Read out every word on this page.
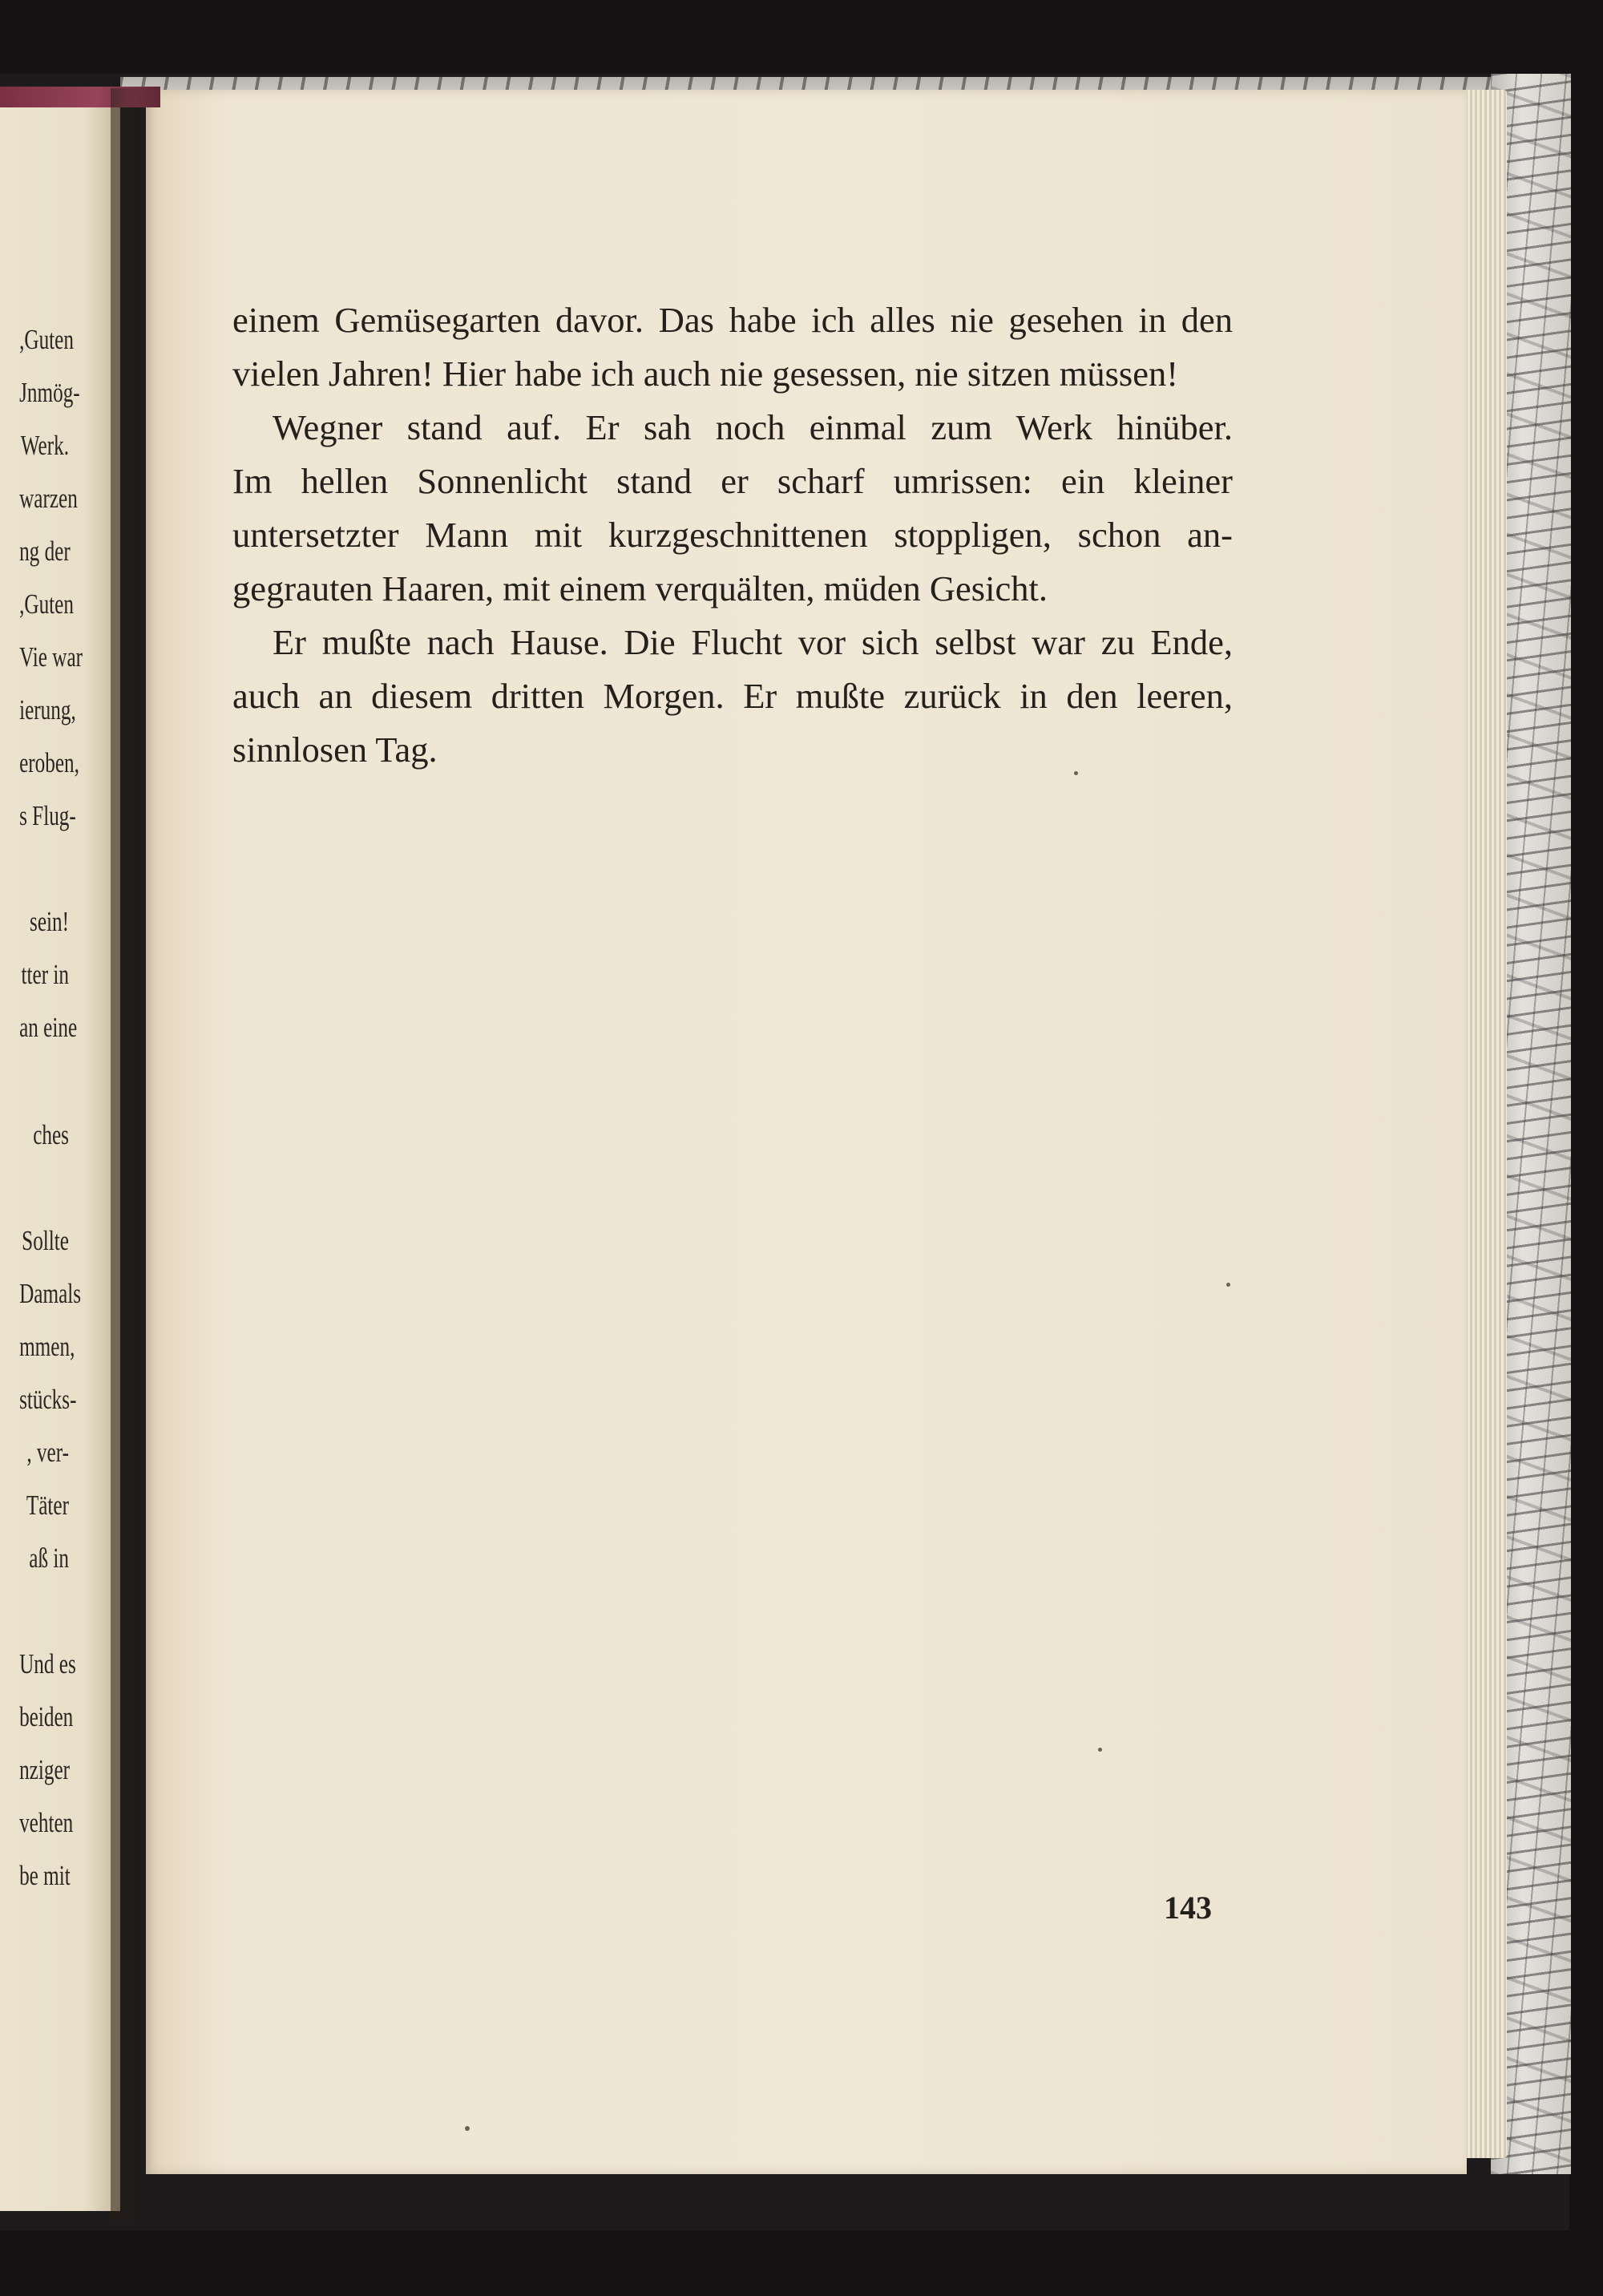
,Guten
Jnmög-
Werk.
warzen
ng der
,Guten
Vie war
ierung,
eroben,
s Flug-
sein!
tter in
an eine
ches
Sollte
Damals
mmen,
stücks-
, ver-
Täter
aß in
Und es
beiden
nziger
vehten
be mit

einem Gemüsegarten davor. Das habe ich alles nie gesehen in den
vielen Jahren! Hier habe ich auch nie gesessen, nie sitzen müssen!

Wegner stand auf. Er sah noch einmal zum Werk hinüber.
Im hellen Sonnenlicht stand er scharf umrissen: ein kleiner
untersetzter Mann mit kurzgeschnittenen stoppligen, schon an-
gegrauten Haaren, mit einem verquälten, müden Gesicht.

Er mußte nach Hause. Die Flucht vor sich selbst war zu Ende,
auch an diesem dritten Morgen. Er mußte zurück in den leeren,
sinnlosen Tag.

143
